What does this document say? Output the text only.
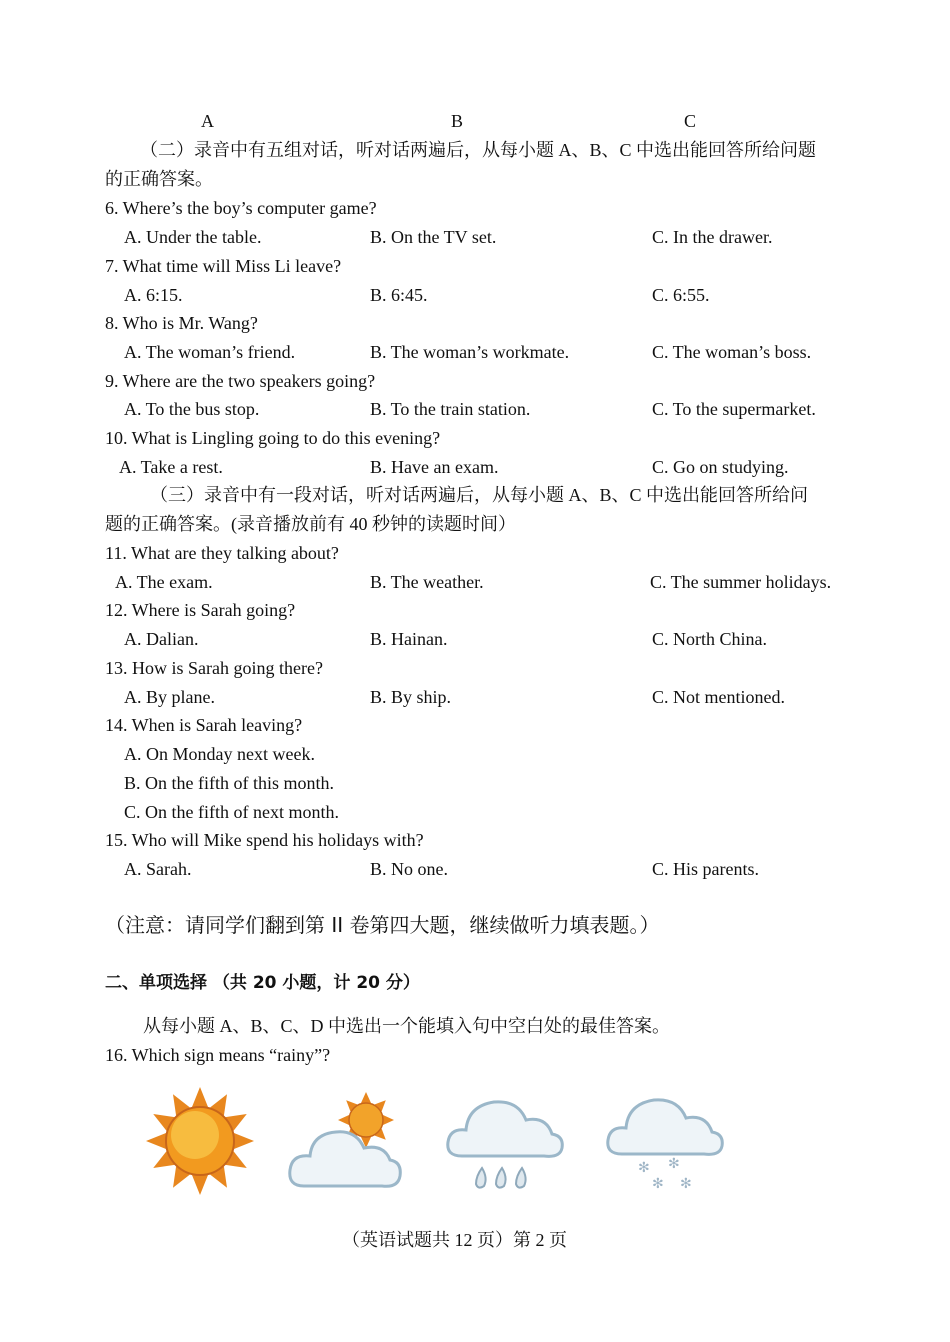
A	B	C
（二）录音中有五组对话，听对话两遍后，从每小题 A、B、C 中选出能回答所给问题
的正确答案。
6. Where’s the boy’s computer game?
A. Under the table.	B. On the TV set.	C. In the drawer.
7. What time will Miss Li leave?
A. 6:15.	B. 6:45.	C. 6:55.
8. Who is Mr. Wang?
A. The woman’s friend.	B. The woman’s workmate.	C. The woman’s boss.
9. Where are the two speakers going?
A. To the bus stop.	B. To the train station.	C. To the supermarket.
10. What is Lingling going to do this evening?
A. Take a rest.	B. Have an exam.	C. Go on studying.
（三）录音中有一段对话，听对话两遍后，从每小题 A、B、C 中选出能回答所给问
题的正确答案。(录音播放前有 40 秒钟的读题时间）
11. What are they talking about?
A. The exam.	B. The weather.	C. The summer holidays.
12. Where is Sarah going?
A. Dalian.	B. Hainan.	C. North China.
13. How is Sarah going there?
A. By plane.	B. By ship.	C. Not mentioned.
14. When is Sarah leaving?
A. On Monday next week.
B. On the fifth of this month.
C. On the fifth of next month.
15. Who will Mike spend his holidays with?
A. Sarah.	B. No one.	C. His parents.
（注意：请同学们翻到第 II 卷第四大题，继续做听力填表题。）
二、单项选择 （共 20 小题，计 20 分）
从每小题 A、B、C、D 中选出一个能填入句中空白处的最佳答案。
16. Which sign means “rainy”?
✻ ✻
✻ ✻
（英语试题共 12 页）第 2 页
